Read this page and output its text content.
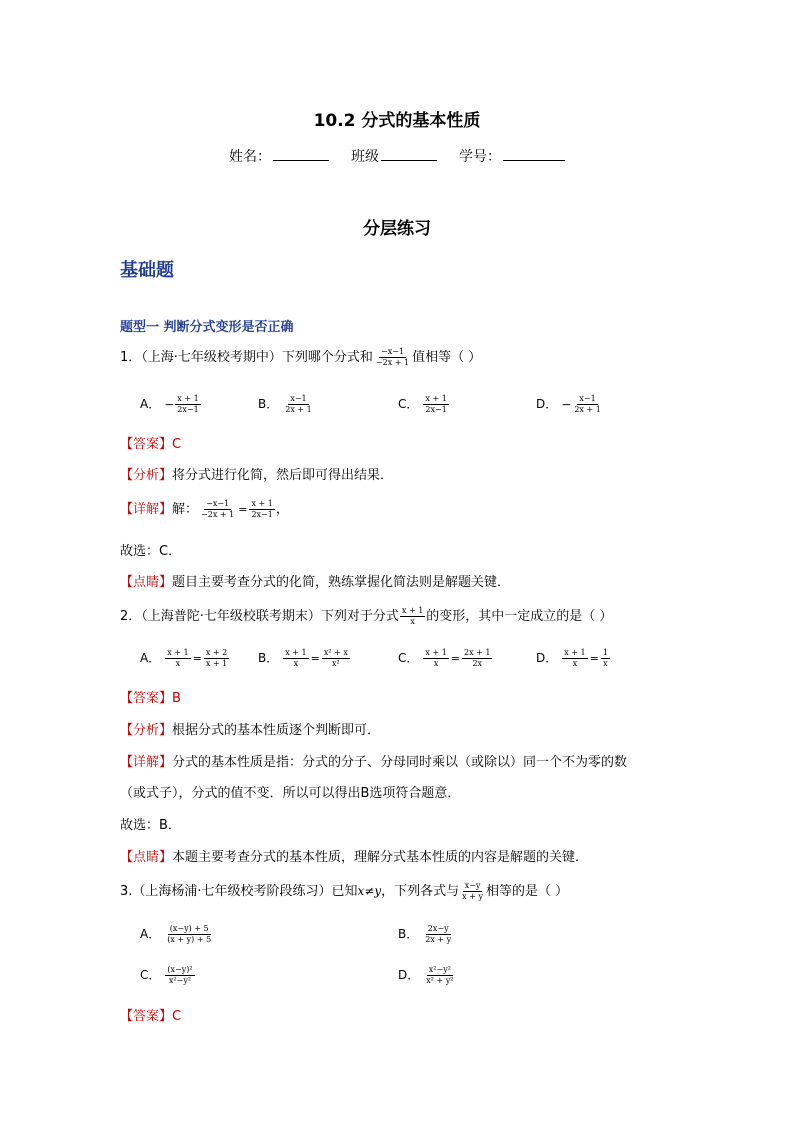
10.2 分式的基本性质
姓名：	班级	学号：
分层练习
基础题
题型一 判断分式变形是否正确
1．（上海·七年级校考期中）下列哪个分式和 $\frac{-x-1}{-2x + 1}$ 值相等（ ）
A． − $\frac{x + 1}{2x-1}$	B． $\frac{x-1}{2x + 1}$	C． $\frac{x + 1}{2x-1}$	D． − $\frac{x-1}{2x + 1}$
【答案】C
【分析】将分式进行化简，然后即可得出结果．
【详解】解： $\frac{-x-1}{-2x + 1} = \frac{x + 1}{2x-1}$ ，
故选：C．
【点睛】题目主要考查分式的化简，熟练掌握化简法则是解题关键．
2．（上海普陀·七年级校联考期末）下列对于分式 $\frac{x + 1}{x}$ 的变形，其中一定成立的是（ ）
A． $\frac{x + 1}{x} = \frac{x + 2}{x + 1}$ B． $\frac{x + 1}{x} = \frac{\text{x² + x}}{\text{x²}}$	C． $\frac{x + 1}{x} = \frac{2x + 1}{2x}$	D． $\frac{x + 1}{x} = \frac{1}{x}$
【答案】B
【分析】根据分式的基本性质逐个判断即可．
【详解】分式的基本性质是指：分式的分子、分母同时乘以（或除以）同一个不为零的数
（或式子），分式的值不变．所以可以得出B选项符合题意．
故选：B．
【点睛】本题主要考查分式的基本性质，理解分式基本性质的内容是解题的关键．
3.（上海杨浦·七年级校考阶段练习）已知x≠y，下列各式与 $\frac{x-y}{x + y}$ 相等的是（ ）
A． $\frac{(x-y) + 5}{(x + y) + 5}$	B． $\frac{2x-y}{2x + y}$
C． $\frac{\text{(x−y)²}}{\text{x²−y²}}$	D． $\frac{\text{x²−y²}}{\text{x² + y²}}$
【答案】C
